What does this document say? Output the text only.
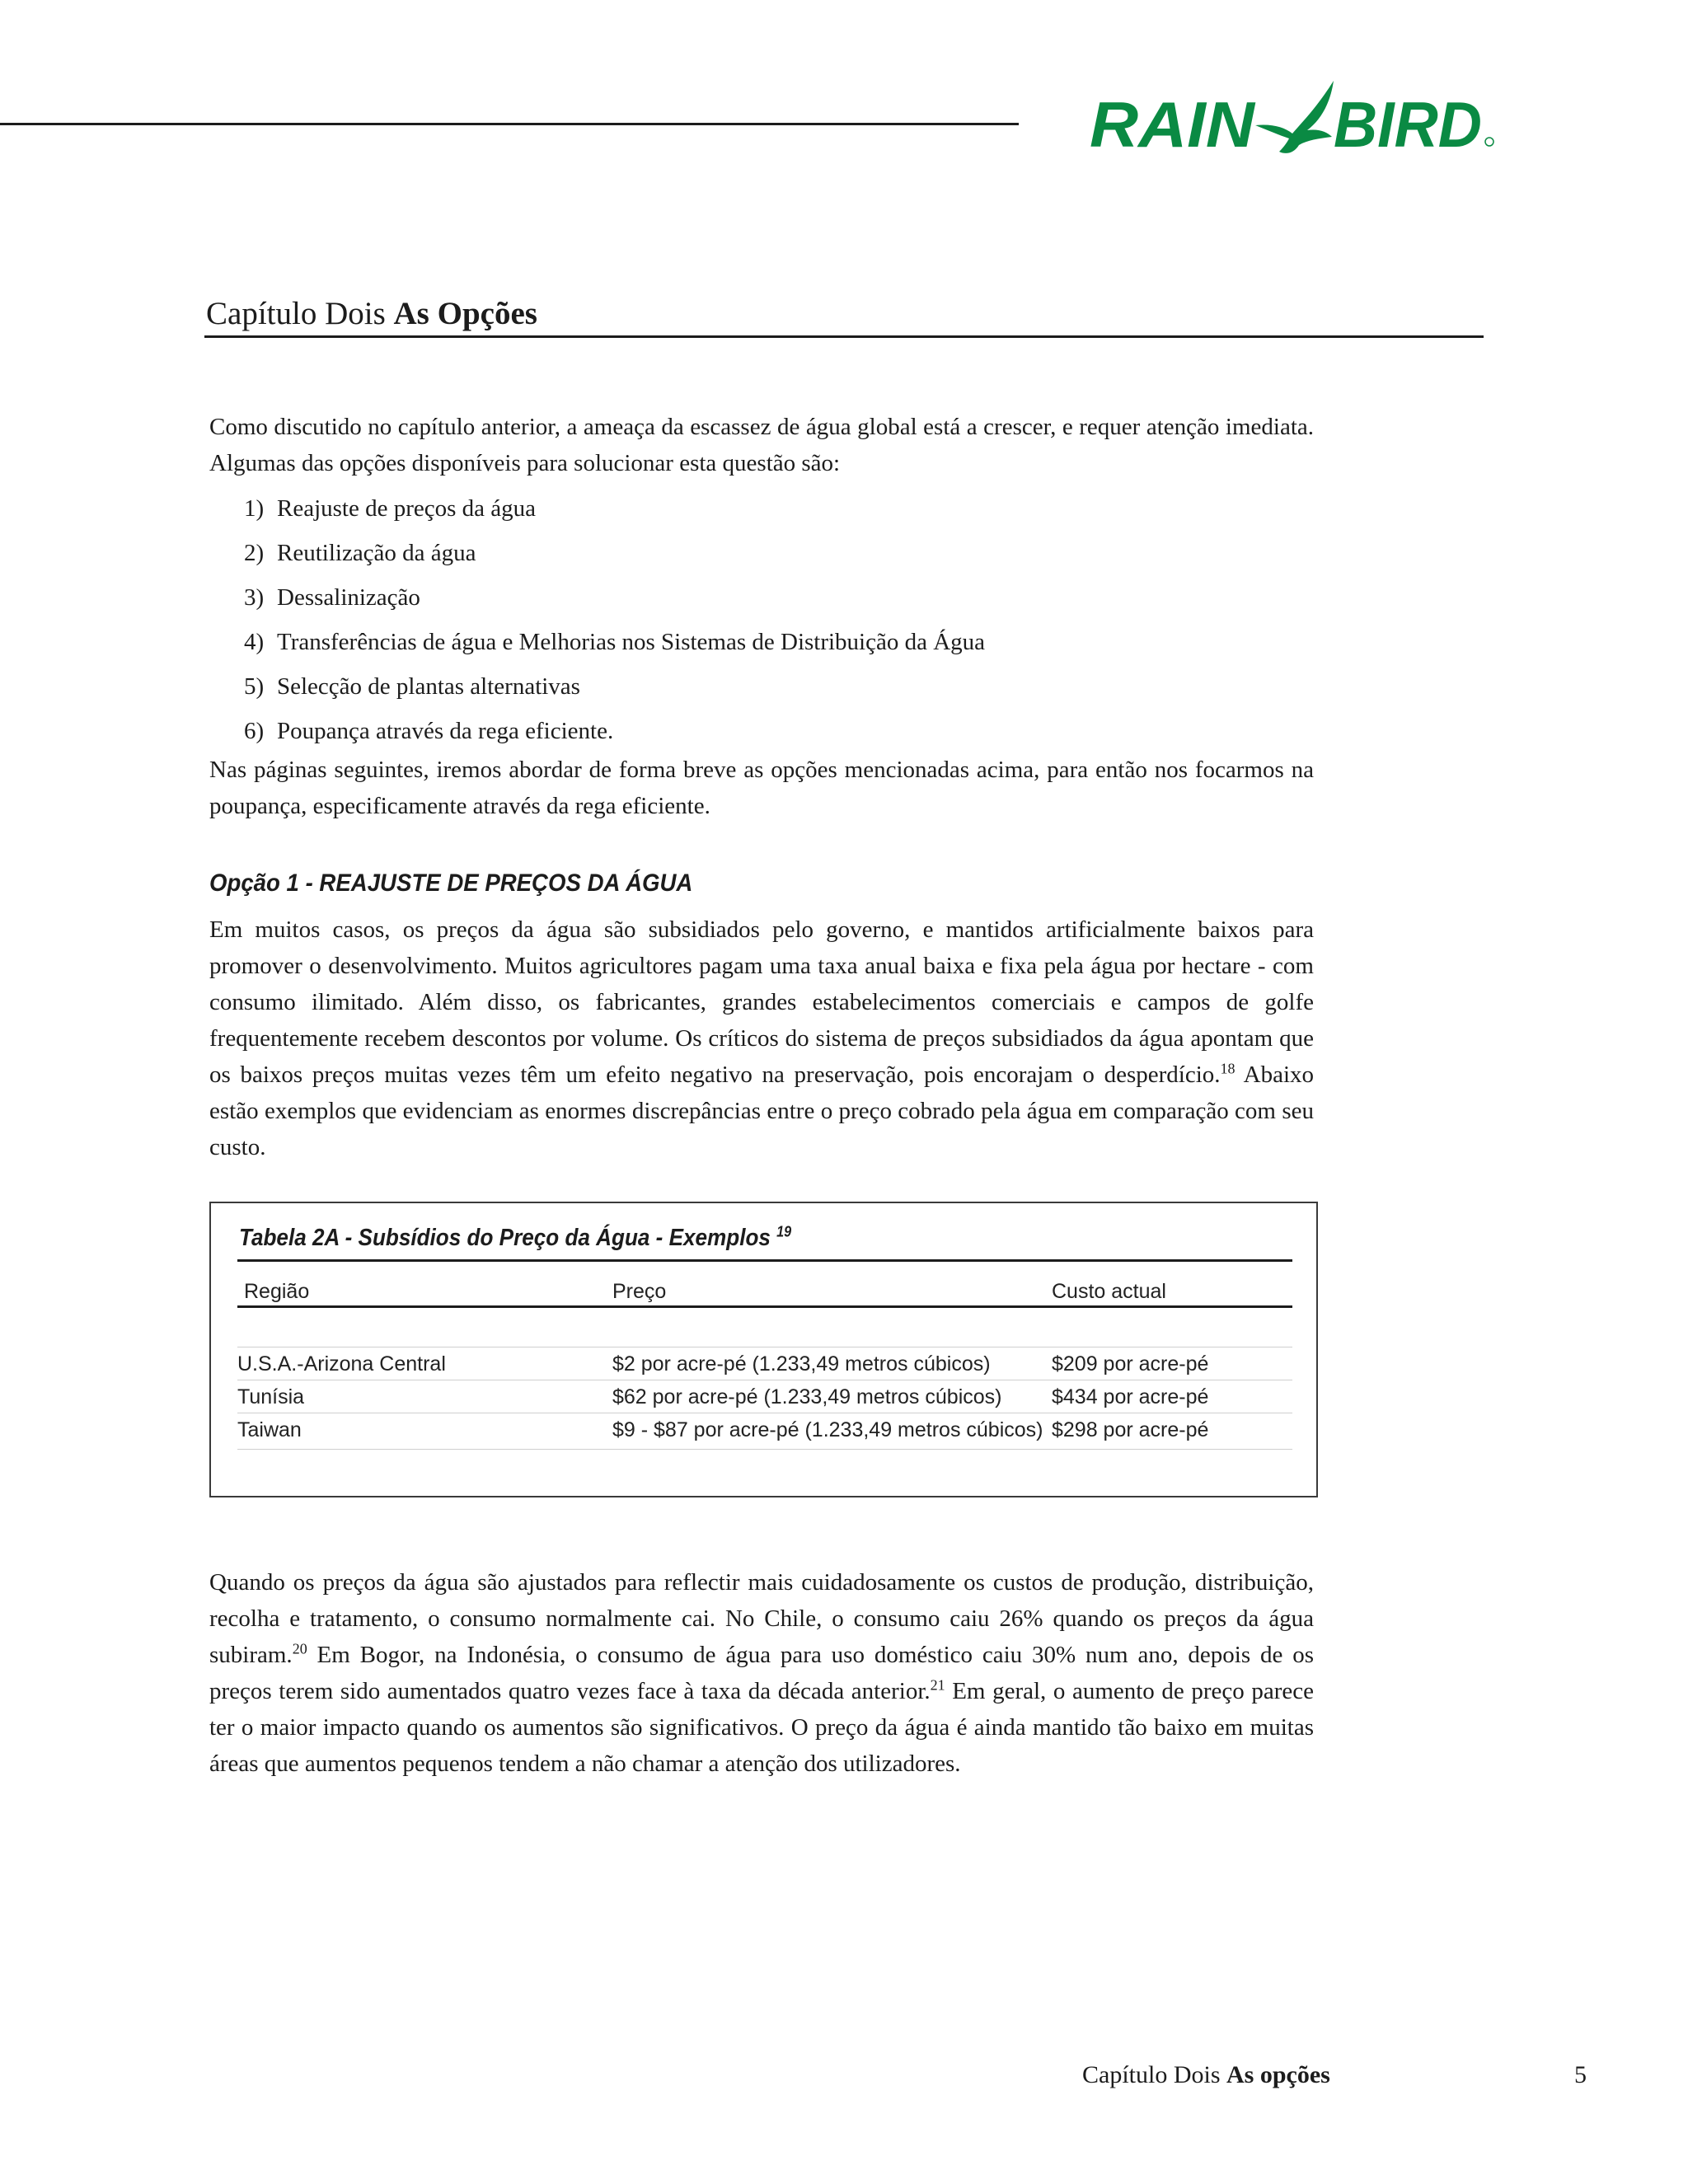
RAIN BIRD
Capítulo Dois As Opções

Como discutido no capítulo anterior, a ameaça da escassez de água global está a crescer, e requer atenção imediata. Algumas das opções disponíveis para solucionar esta questão são:

1) Reajuste de preços da água
2) Reutilização da água
3) Dessalinização
4) Transferências de água e Melhorias nos Sistemas de Distribuição da Água
5) Selecção de plantas alternativas
6) Poupança através da rega eficiente.

Nas páginas seguintes, iremos abordar de forma breve as opções mencionadas acima, para então nos focarmos na poupança, especificamente através da rega eficiente.

Opção 1 - REAJUSTE DE PREÇOS DA ÁGUA

Em muitos casos, os preços da água são subsidiados pelo governo, e mantidos artificialmente baixos para promover o desenvolvimento. Muitos agricultores pagam uma taxa anual baixa e fixa pela água por hectare - com consumo ilimitado. Além disso, os fabricantes, grandes estabelecimentos comerciais e campos de golfe frequentemente recebem descontos por volume. Os críticos do sistema de preços subsidiados da água apontam que os baixos preços muitas vezes têm um efeito negativo na preservação, pois encorajam o desperdício.$^{18}$ Abaixo estão exemplos que evidenciam as enormes discrepâncias entre o preço cobrado pela água em comparação com seu custo.

Tabela 2A - Subsídios do Preço da Água - Exemplos $^{19}$
Região	Preço	Custo actual
U.S.A.-Arizona Central	$2 por acre-pé (1.233,49 metros cúbicos)	$209 por acre-pé
Tunísia	$62 por acre-pé (1.233,49 metros cúbicos) $434 por acre-pé
Taiwan	$9 - $87 por acre-pé (1.233,49 metros cúbicos) $298 por acre-pé

Quando os preços da água são ajustados para reflectir mais cuidadosamente os custos de produção, distribuição, recolha e tratamento, o consumo normalmente cai. No Chile, o consumo caiu 26% quando os preços da água subiram.$^{20}$ Em Bogor, na Indonésia, o consumo de água para uso doméstico caiu 30% num ano, depois de os preços terem sido aumentados quatro vezes face à taxa da década anterior.$^{21}$ Em geral, o aumento de preço parece ter o maior impacto quando os aumentos são significativos. O preço da água é ainda mantido tão baixo em muitas áreas que aumentos pequenos tendem a não chamar a atenção dos utilizadores.

Capítulo Dois As opções	5
